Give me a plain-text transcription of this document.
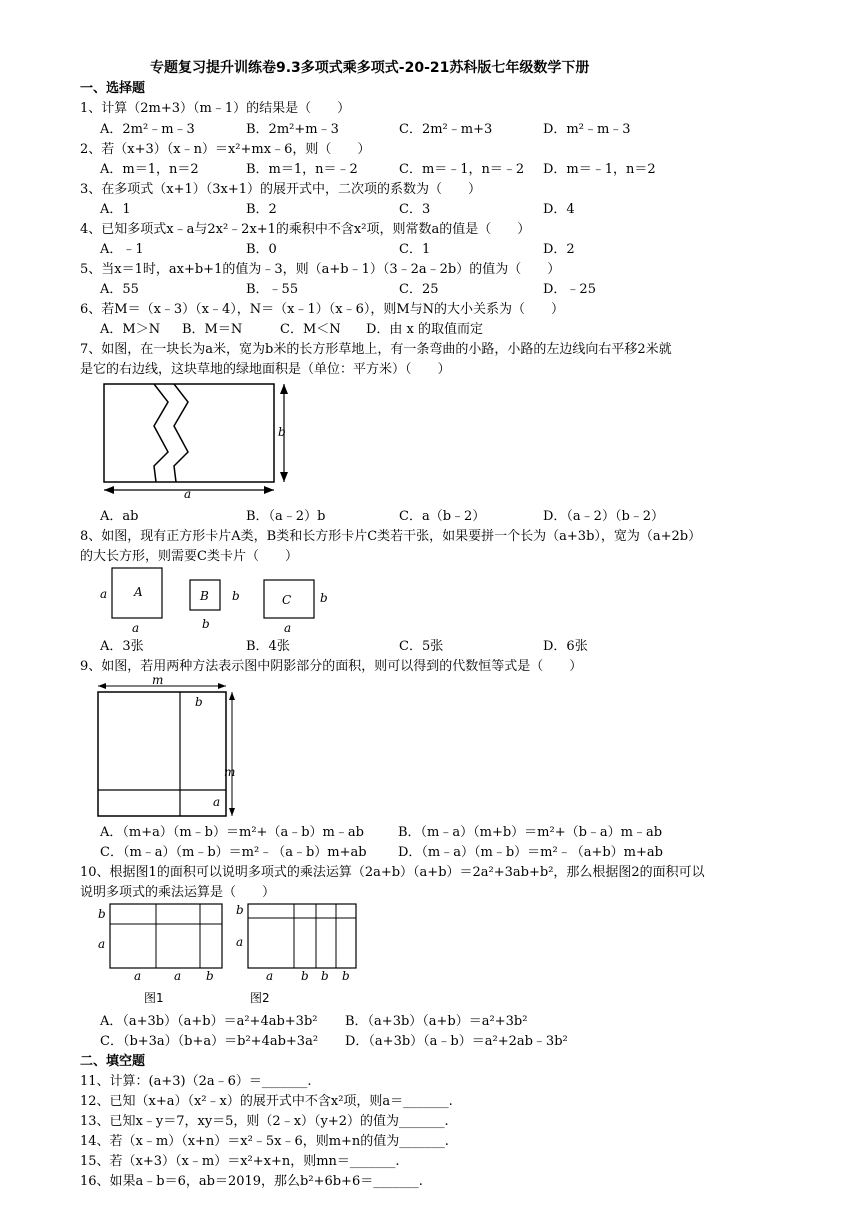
专题复习提升训练卷9.3多项式乘多项式-20-21苏科版七年级数学下册
一、选择题
1、计算（2m+3）（m﹣1）的结果是（　　）
A．2m²﹣m﹣3	B．2m²+m﹣3	C．2m²﹣m+3	D．m²﹣m﹣3
2、若（x+3）（x﹣n）＝x²+mx﹣6，则（　　）
A．m＝1，n＝2	B．m＝1，n＝﹣2	C．m＝﹣1，n＝﹣2 D．m＝﹣1，n＝2
3、在多项式（x+1）（3x+1）的展开式中，二次项的系数为（　　）
A．1	B．2	C．3	D．4
4、已知多项式x﹣a与2x²﹣2x+1的乘积中不含x²项，则常数a的值是（　　）
A．﹣1	B．0	C．1	D．2
5、当x＝1时，ax+b+1的值为﹣3，则（a+b﹣1）（3﹣2a﹣2b）的值为（　　）
A．55	B．﹣55	C．25	D．﹣25
6、若M＝（x﹣3）（x﹣4），N＝（x﹣1）（x﹣6），则M与N的大小关系为（　　）
A．M＞N B．M＝N	C．M＜N D．由 x 的取值而定
7、如图，在一块长为a米，宽为b米的长方形草地上，有一条弯曲的小路，小路的左边线向右平移2米就
是它的右边线，这块草地的绿地面积是（单位：平方米）（　　）
b
a
A．ab	B．（a﹣2）b	C．a（b﹣2）	D．（a﹣2）（b﹣2）
8、如图，现有正方形卡片A类，B类和长方形卡片C类若干张，如果要拼一个长为（a+3b），宽为（a+2b）
的大长方形，则需要C类卡片（　　）
A
a
a
B b
b
C b
a
A．3张	B．4张	C．5张	D．6张
9、如图，若用两种方法表示图中阴影部分的面积，则可以得到的代数恒等式是（　　）
m
b
m
a
A．（m+a）（m﹣b）＝m²+（a﹣b）m﹣ab	B．（m﹣a）（m+b）＝m²+（b﹣a）m﹣ab
C．（m﹣a）（m﹣b）＝m²﹣（a﹣b）m+ab D．（m﹣a）（m﹣b）＝m²﹣（a+b）m+ab
10、根据图1的面积可以说明多项式的乘法运算（2a+b）（a+b）＝2a²+3ab+b²，那么根据图2的面积可以
说明多项式的乘法运算是（　　）
b
a
a	a b
图1
b
a
a b b b
图2
A．（a+3b）（a+b）＝a²+4ab+3b² B．（a+3b）（a+b）＝a²+3b²
C．（b+3a）（b+a）＝b²+4ab+3a² D．（a+3b）（a﹣b）＝a²+2ab﹣3b²
二、填空题
11、计算：(a+3)（2a﹣6）＝_______.
12、已知（x+a）（x²﹣x）的展开式中不含x²项，则a＝_______.
13、已知x﹣y＝7，xy＝5，则（2﹣x）（y+2）的值为_______.
14、若（x﹣m）（x+n）＝x²﹣5x﹣6，则m+n的值为_______.
15、若（x+3）（x﹣m）＝x²+x+n，则mn＝_______.
16、如果a﹣b＝6，ab＝2019，那么b²+6b+6＝_______.
